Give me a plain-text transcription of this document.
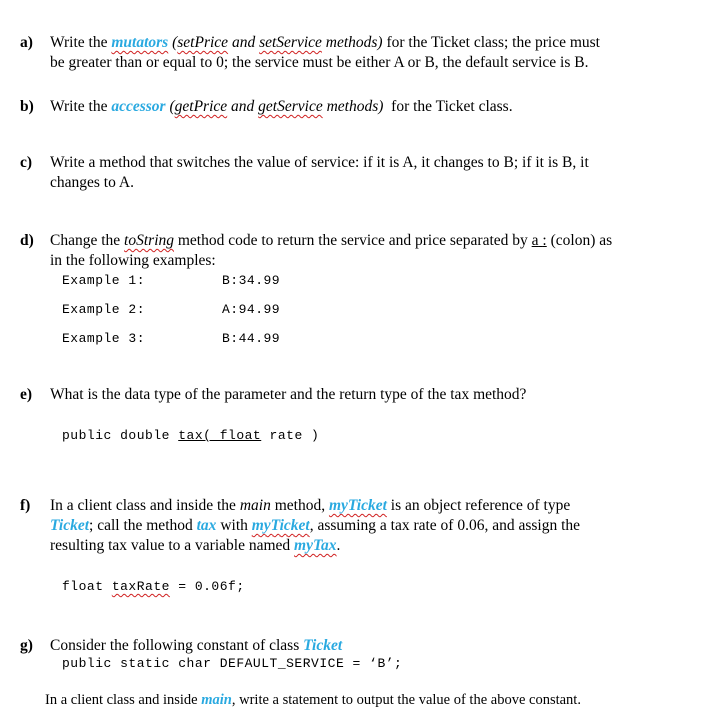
a) Write the mutators (setPrice and setService methods) for the Ticket class; the price must
be greater than or equal to 0; the service must be either A or B, the default service is B.
b) Write the accessor (getPrice and getService methods)  for the Ticket class.
c) Write a method that switches the value of service: if it is A, it changes to B; if it is B, it
changes to A.
d) Change the toString method code to return the service and price separated by a : (colon) as
in the following examples:
Example 1:	B:34.99
Example 2:	A:94.99
Example 3:	B:44.99
e) What is the data type of the parameter and the return type of the tax method?
public double tax( float rate )
f) In a client class and inside the main method, myTicket is an object reference of type
Ticket; call the method tax with myTicket, assuming a tax rate of 0.06, and assign the
resulting tax value to a variable named myTax.
float taxRate = 0.06f;
g) Consider the following constant of class Ticket
public static char DEFAULT_SERVICE = ‘B’;
In a client class and inside main, write a statement to output the value of the above constant.
